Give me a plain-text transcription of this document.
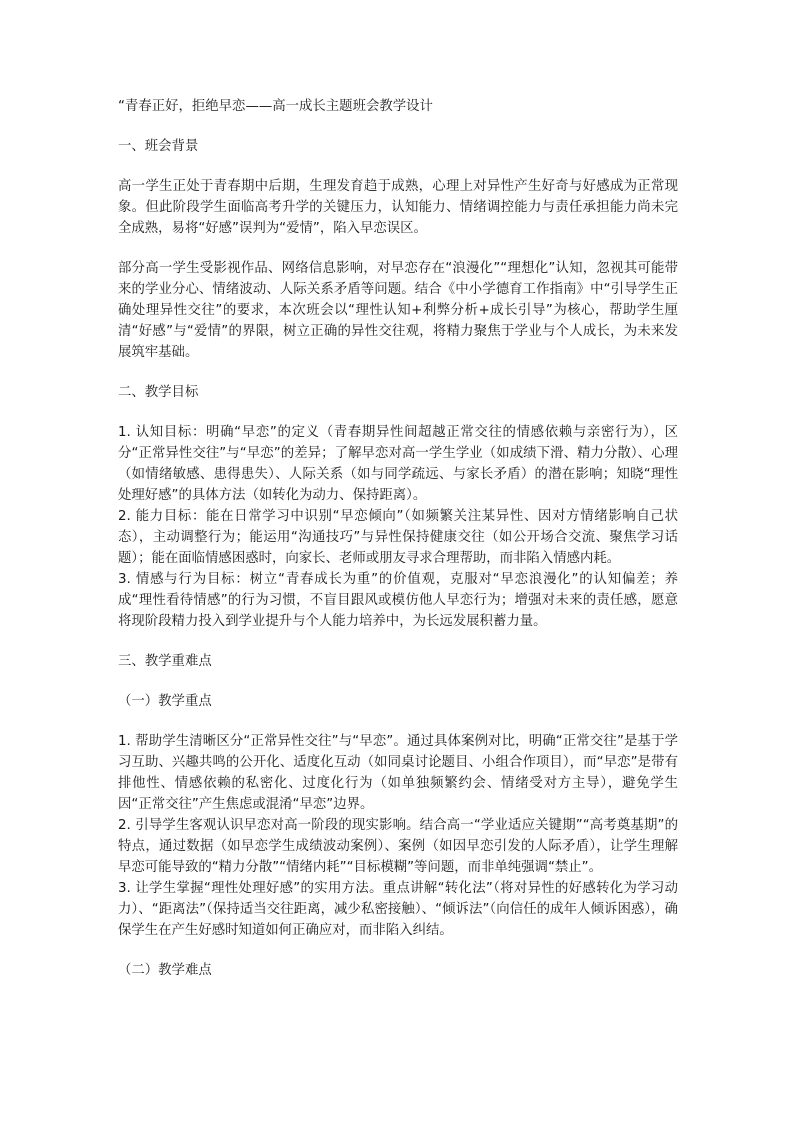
“青春正好，拒绝早恋——高一成长主题班会教学设计

一、班会背景

高一学生正处于青春期中后期，生理发育趋于成熟，心理上对异性产生好奇与好感成为正常现象。但此阶段学生面临高考升学的关键压力，认知能力、情绪调控能力与责任承担能力尚未完全成熟，易将“好感”误判为“爱情”，陷入早恋误区。

部分高一学生受影视作品、网络信息影响，对早恋存在“浪漫化”“理想化”认知，忽视其可能带来的学业分心、情绪波动、人际关系矛盾等问题。结合《中小学德育工作指南》中“引导学生正确处理异性交往”的要求，本次班会以“理性认知+利弊分析+成长引导”为核心，帮助学生厘清“好感”与“爱情”的界限，树立正确的异性交往观，将精力聚焦于学业与个人成长，为未来发展筑牢基础。

二、教学目标

1. 认知目标：明确“早恋”的定义（青春期异性间超越正常交往的情感依赖与亲密行为），区分“正常异性交往”与“早恋”的差异；了解早恋对高一学生学业（如成绩下滑、精力分散）、心理（如情绪敏感、患得患失）、人际关系（如与同学疏远、与家长矛盾）的潜在影响；知晓“理性处理好感”的具体方法（如转化为动力、保持距离）。
2. 能力目标：能在日常学习中识别“早恋倾向”（如频繁关注某异性、因对方情绪影响自己状态），主动调整行为；能运用“沟通技巧”与异性保持健康交往（如公开场合交流、聚焦学习话题）；能在面临情感困惑时，向家长、老师或朋友寻求合理帮助，而非陷入情感内耗。
3. 情感与行为目标：树立“青春成长为重”的价值观，克服对“早恋浪漫化”的认知偏差；养成“理性看待情感”的行为习惯，不盲目跟风或模仿他人早恋行为；增强对未来的责任感，愿意将现阶段精力投入到学业提升与个人能力培养中，为长远发展积蓄力量。

三、教学重难点

（一）教学重点

1. 帮助学生清晰区分“正常异性交往”与“早恋”。通过具体案例对比，明确“正常交往”是基于学习互助、兴趣共鸣的公开化、适度化互动（如同桌讨论题目、小组合作项目），而“早恋”是带有排他性、情感依赖的私密化、过度化行为（如单独频繁约会、情绪受对方主导），避免学生因“正常交往”产生焦虑或混淆“早恋”边界。
2. 引导学生客观认识早恋对高一阶段的现实影响。结合高一“学业适应关键期”“高考奠基期”的特点，通过数据（如早恋学生成绩波动案例）、案例（如因早恋引发的人际矛盾），让学生理解早恋可能导致的“精力分散”“情绪内耗”“目标模糊”等问题，而非单纯强调“禁止”。
3. 让学生掌握“理性处理好感”的实用方法。重点讲解“转化法”（将对异性的好感转化为学习动力）、“距离法”（保持适当交往距离，减少私密接触）、“倾诉法”（向信任的成年人倾诉困惑），确保学生在产生好感时知道如何正确应对，而非陷入纠结。

（二）教学难点
